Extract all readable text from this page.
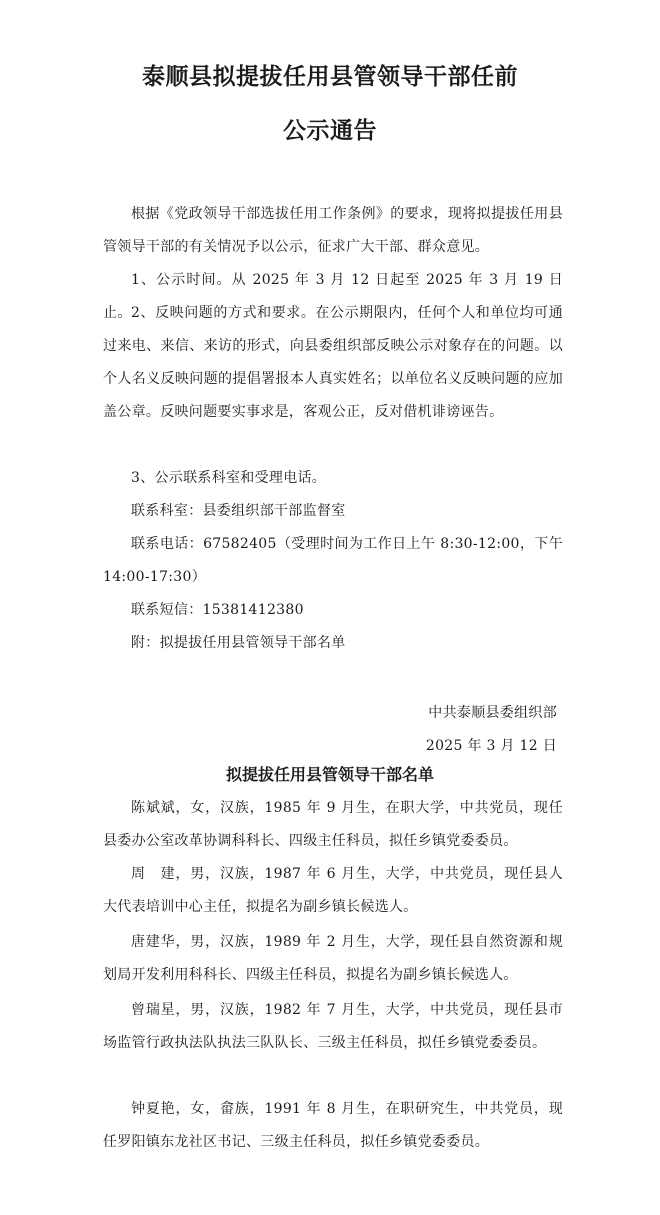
泰顺县拟提拔任用县管领导干部任前
公示通告

根据《党政领导干部选拔任用工作条例》的要求，现将拟提拔任用县管领导干部的有关情况予以公示，征求广大干部、群众意见。

1、公示时间。从 2025 年 3 月 12 日起至 2025 年 3 月 19 日止。 2、反映问题的方式和要求。在公示期限内，任何个人和单位均可通过来电、来信、来访的形式，向县委组织部反映公示对象存在的问题。以个人名义反映问题的提倡署报本人真实姓名；以单位名义反映问题的应加盖公章。反映问题要实事求是，客观公正，反对借机诽谤诬告。

3、公示联系科室和受理电话。

联系科室：县委组织部干部监督室

联系电话：67582405（受理时间为工作日上午 8:30-12:00，下午 14:00-17:30）

联系短信：15381412380

附：拟提拔任用县管领导干部名单

中共泰顺县委组织部

2025 年 3 月 12 日

拟提拔任用县管领导干部名单

陈斌斌，女，汉族，1985 年 9 月生，在职大学，中共党员，现任县委办公室改革协调科科长、四级主任科员，拟任乡镇党委委员。

周　建，男，汉族，1987 年 6 月生，大学，中共党员，现任县人大代表培训中心主任，拟提名为副乡镇长候选人。

唐建华，男，汉族，1989 年 2 月生，大学，现任县自然资源和规划局开发利用科科长、四级主任科员，拟提名为副乡镇长候选人。

曾瑞星，男，汉族，1982 年 7 月生，大学，中共党员，现任县市场监管行政执法队执法三队队长、三级主任科员，拟任乡镇党委委员。

钟夏艳，女，畲族，1991 年 8 月生，在职研究生，中共党员，现任罗阳镇东龙社区书记、三级主任科员，拟任乡镇党委委员。
